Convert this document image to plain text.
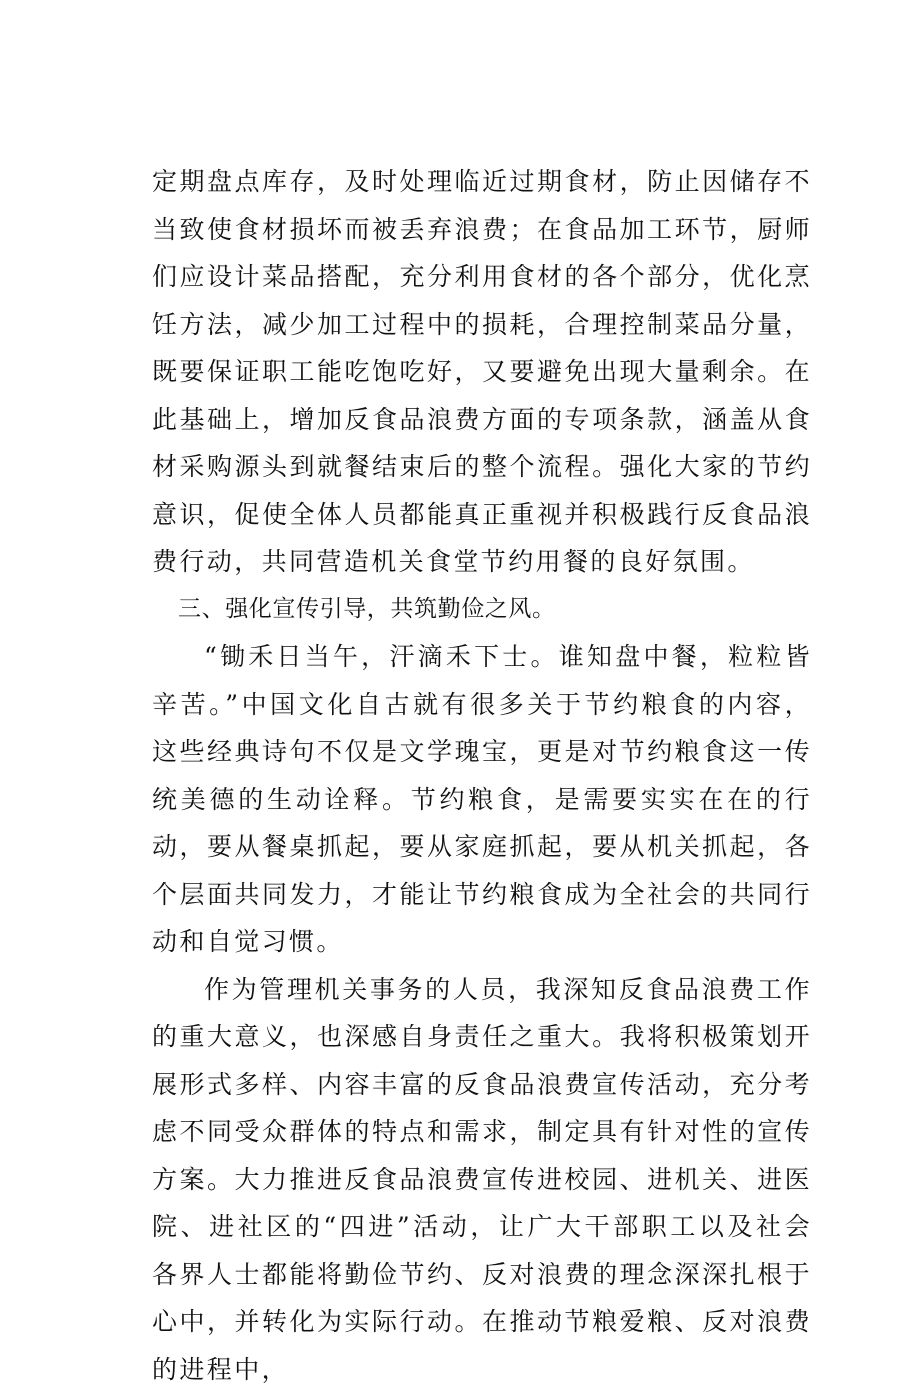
定期盘点库存，及时处理临近过期食材，防止因储存不当致使食材损坏而被丢弃浪费；在食品加工环节，厨师们应设计菜品搭配，充分利用食材的各个部分，优化烹饪方法，减少加工过程中的损耗，合理控制菜品分量，既要保证职工能吃饱吃好，又要避免出现大量剩余。在此基础上，增加反食品浪费方面的专项条款，涵盖从食材采购源头到就餐结束后的整个流程。强化大家的节约意识，促使全体人员都能真正重视并积极践行反食品浪费行动，共同营造机关食堂节约用餐的良好氛围。

三、强化宣传引导，共筑勤俭之风。

“锄禾日当午，汗滴禾下士。谁知盘中餐，粒粒皆辛苦。”中国文化自古就有很多关于节约粮食的内容，这些经典诗句不仅是文学瑰宝，更是对节约粮食这一传统美德的生动诠释。节约粮食，是需要实实在在的行动，要从餐桌抓起，要从家庭抓起，要从机关抓起，各个层面共同发力，才能让节约粮食成为全社会的共同行动和自觉习惯。

作为管理机关事务的人员，我深知反食品浪费工作的重大意义，也深感自身责任之重大。我将积极策划开展形式多样、内容丰富的反食品浪费宣传活动，充分考虑不同受众群体的特点和需求，制定具有针对性的宣传方案。大力推进反食品浪费宣传进校园、进机关、进医院、进社区的“四进”活动，让广大干部职工以及社会各界人士都能将勤俭节约、反对浪费的理念深深扎根于心中，并转化为实际行动。在推动节粮爱粮、反对浪费的进程中，
